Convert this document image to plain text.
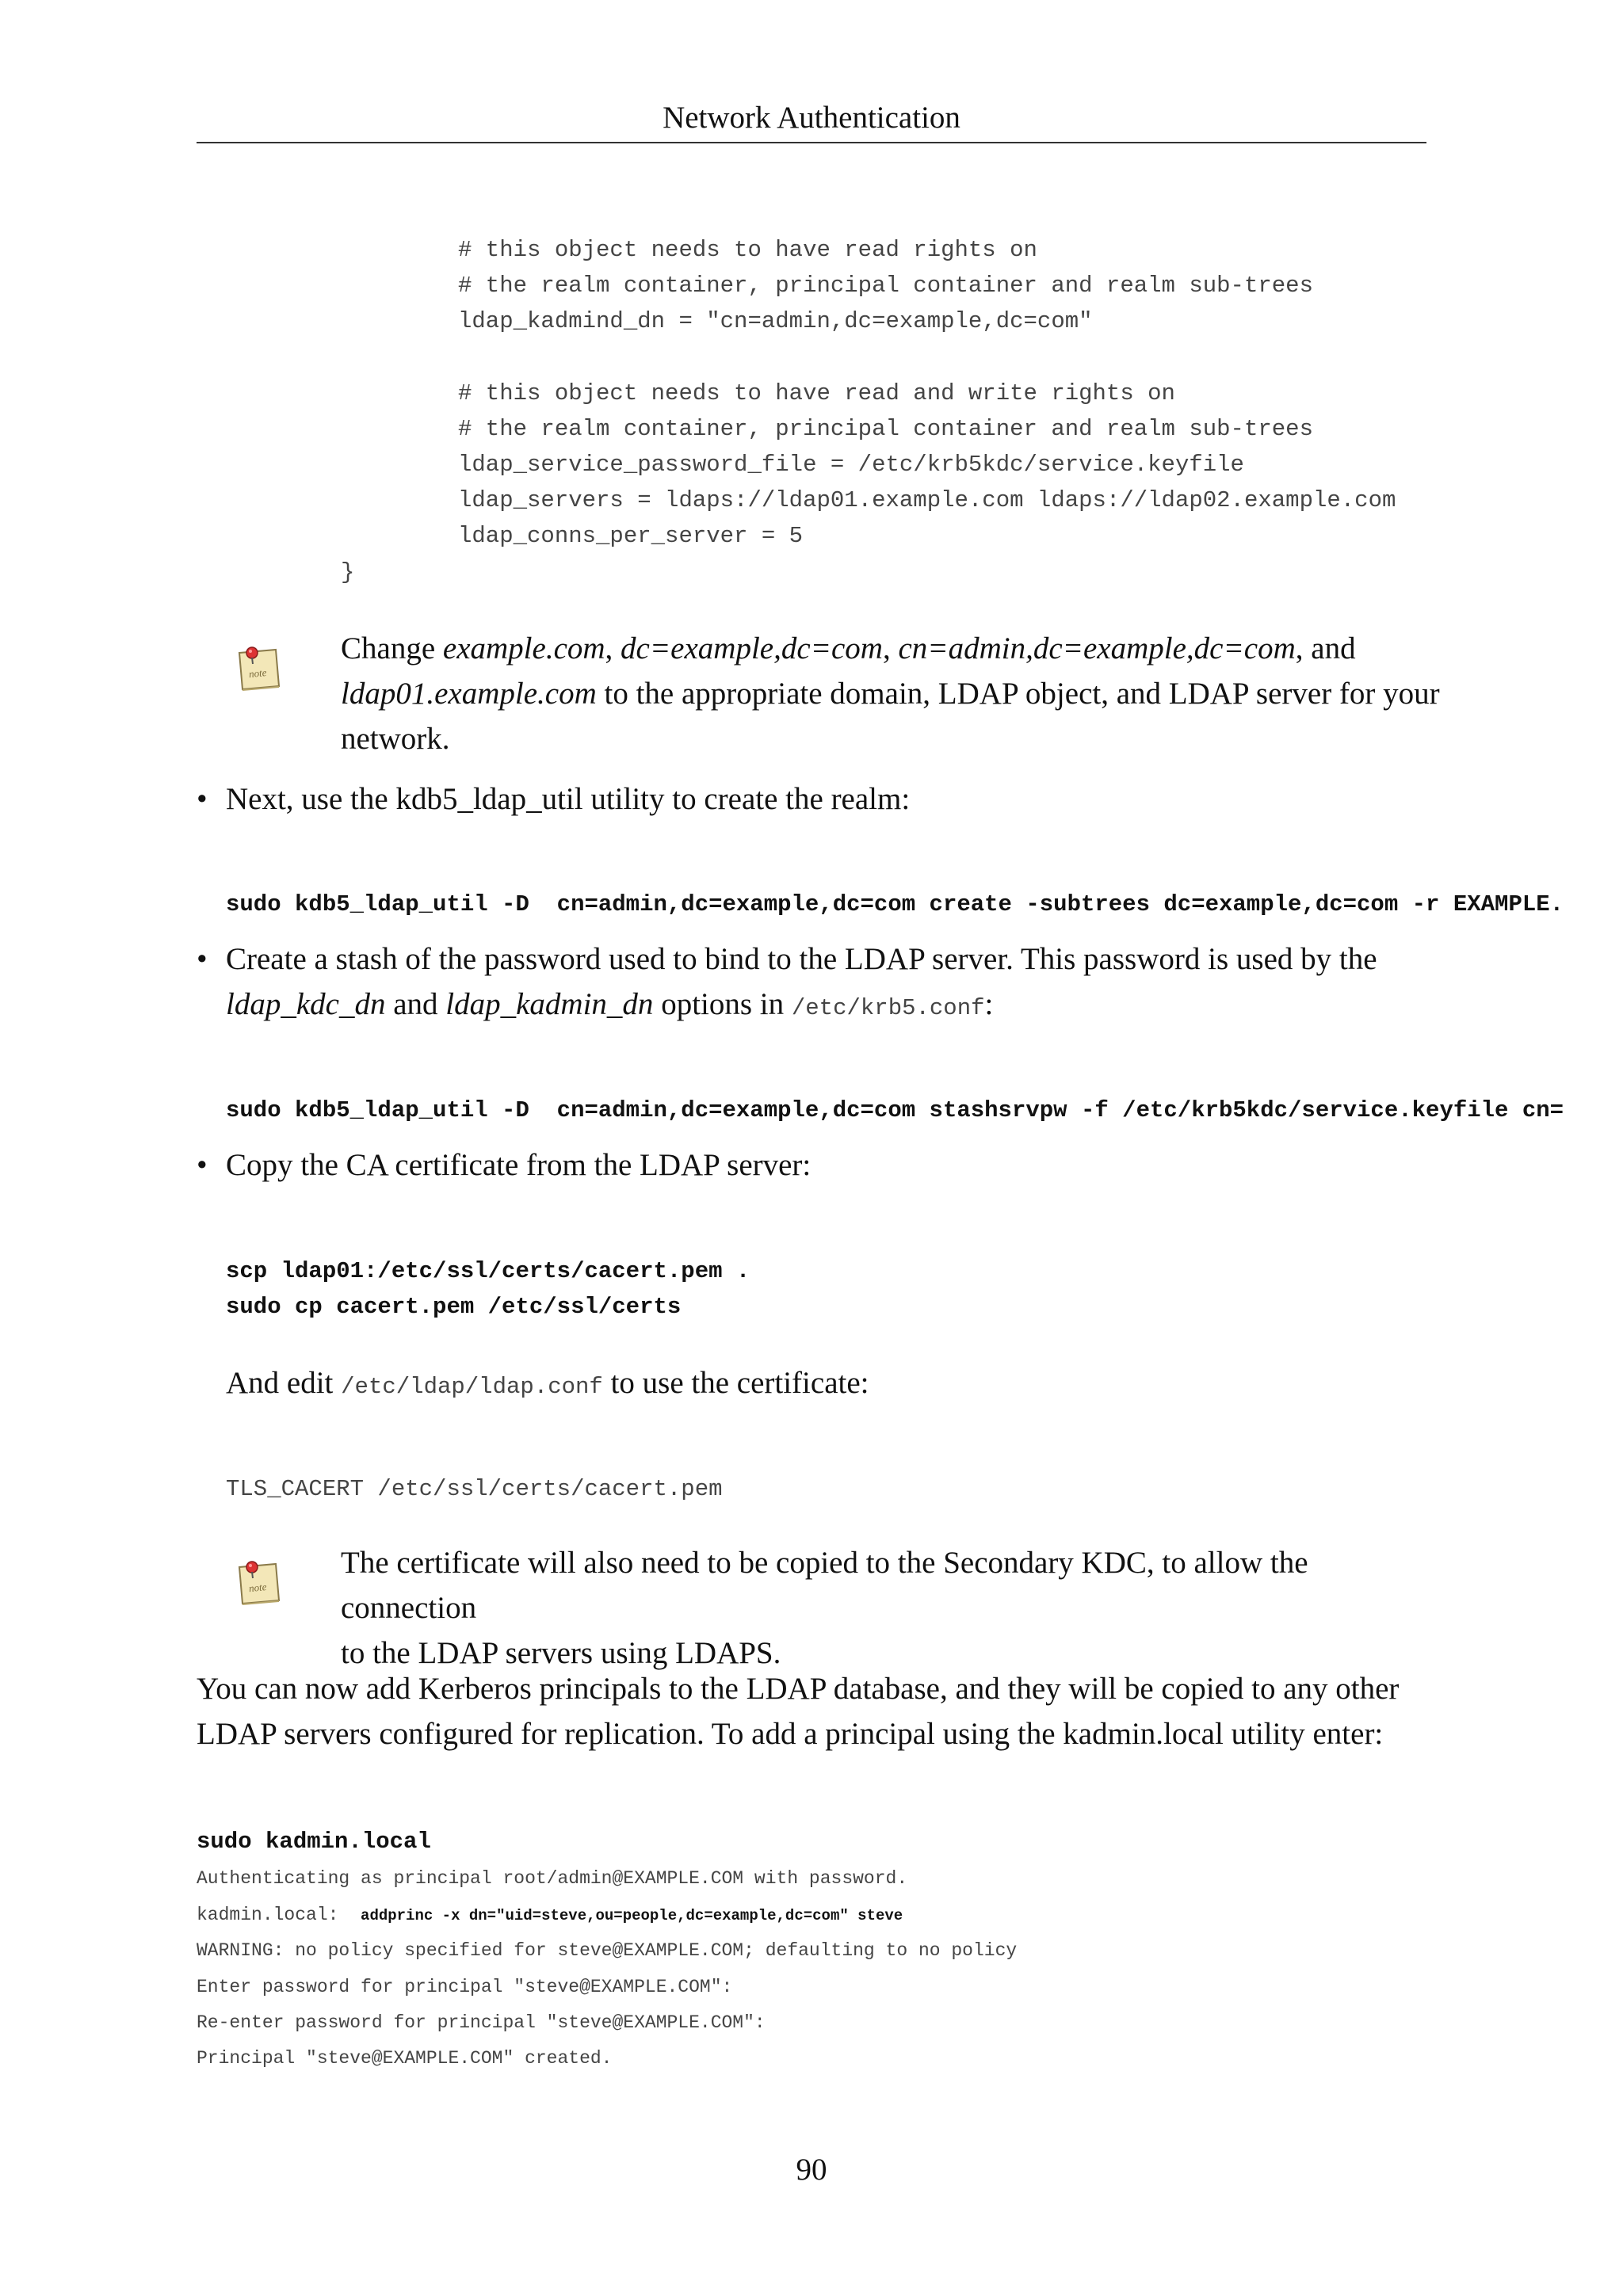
Network Authentication
# this object needs to have read rights on
# the realm container, principal container and realm sub-trees
ldap_kadmind_dn = "cn=admin,dc=example,dc=com"
# this object needs to have read and write rights on
# the realm container, principal container and realm sub-trees
ldap_service_password_file = /etc/krb5kdc/service.keyfile
ldap_servers = ldaps://ldap01.example.com ldaps://ldap02.example.com
ldap_conns_per_server = 5
}
note
Change example.com, dc=example,dc=com, cn=admin,dc=example,dc=com, and
ldap01.example.com to the appropriate domain, LDAP object, and LDAP server for your
network.
• Next, use the kdb5_ldap_util utility to create the realm:
sudo kdb5_ldap_util -D  cn=admin,dc=example,dc=com create -subtrees dc=example,dc=com -r EXAMPLE.
• Create a stash of the password used to bind to the LDAP server. This password is used by the
ldap_kdc_dn and ldap_kadmin_dn options in /etc/krb5.conf:
sudo kdb5_ldap_util -D  cn=admin,dc=example,dc=com stashsrvpw -f /etc/krb5kdc/service.keyfile cn=
• Copy the CA certificate from the LDAP server:
scp ldap01:/etc/ssl/certs/cacert.pem .
sudo cp cacert.pem /etc/ssl/certs
And edit /etc/ldap/ldap.conf to use the certificate:
TLS_CACERT /etc/ssl/certs/cacert.pem
note
The certificate will also need to be copied to the Secondary KDC, to allow the connection
to the LDAP servers using LDAPS.
You can now add Kerberos principals to the LDAP database, and they will be copied to any other
LDAP servers configured for replication. To add a principal using the kadmin.local utility enter:
sudo kadmin.local
Authenticating as principal root/admin@EXAMPLE.COM with password.
kadmin.local:  addprinc -x dn="uid=steve,ou=people,dc=example,dc=com" steve
WARNING: no policy specified for steve@EXAMPLE.COM; defaulting to no policy
Enter password for principal "steve@EXAMPLE.COM":
Re-enter password for principal "steve@EXAMPLE.COM":
Principal "steve@EXAMPLE.COM" created.
90
